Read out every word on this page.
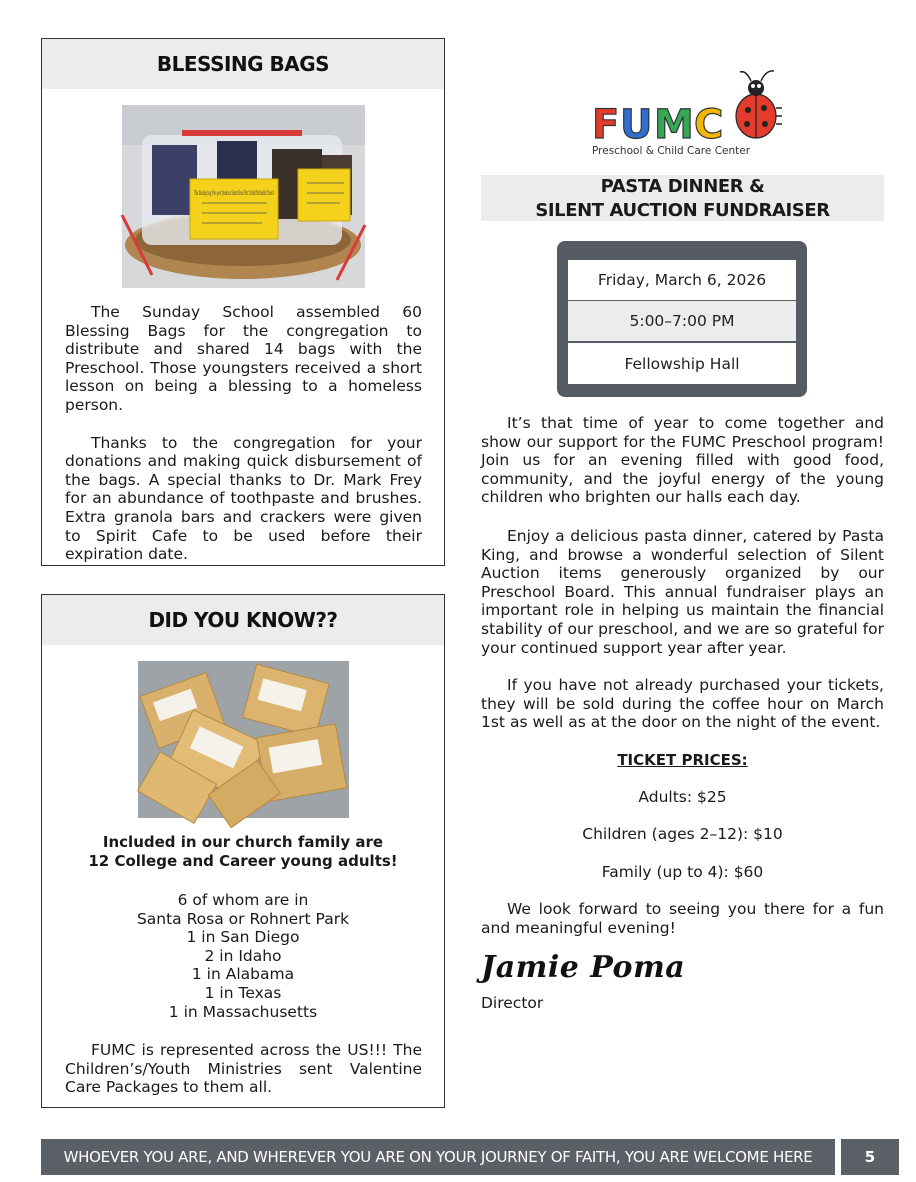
BLESSING BAGS
This blessing bag from your friends at Santa Rosa First United Methodist Church

The Sunday School assembled 60 Blessing Bags for the congregation to distribute and shared 14 bags with the Preschool. Those youngsters received a short lesson on being a blessing to a homeless person.

Thanks to the congregation for your donations and making quick disbursement of the bags. A special thanks to Dr. Mark Frey for an abundance of toothpaste and brushes. Extra granola bars and crackers were given to Spirit Cafe to be used before their expiration date.

DID YOU KNOW??
Included in our church family are
12 College and Career young adults!
6 of whom are in
Santa Rosa or Rohnert Park
1 in San Diego
2 in Idaho
1 in Alabama
1 in Texas
1 in Massachusetts

FUMC is represented across the US!!! The Children’s/Youth Ministries sent Valentine Care Packages to them all.

F U M C
Preschool & Child Care Center
PASTA DINNER &
SILENT AUCTION FUNDRAISER
Friday, March 6, 2026
5:00–7:00 PM
Fellowship Hall

It’s that time of year to come together and show our support for the FUMC Preschool program! Join us for an evening filled with good food, community, and the joyful energy of the young children who brighten our halls each day.

Enjoy a delicious pasta dinner, catered by Pasta King, and browse a wonderful selection of Silent Auction items generously organized by our Preschool Board. This annual fundraiser plays an important role in helping us maintain the financial stability of our preschool, and we are so grateful for your continued support year after year.

If you have not already purchased your tickets, they will be sold during the coffee hour on March 1st as well as at the door on the night of the event.

TICKET PRICES:
Adults: $25
Children (ages 2–12): $10
Family (up to 4): $60

We look forward to seeing you there for a fun and meaningful evening!

Jamie Poma
Director
WHOEVER YOU ARE, AND WHEREVER YOU ARE ON YOUR JOURNEY OF FAITH, YOU ARE WELCOME HERE	5
